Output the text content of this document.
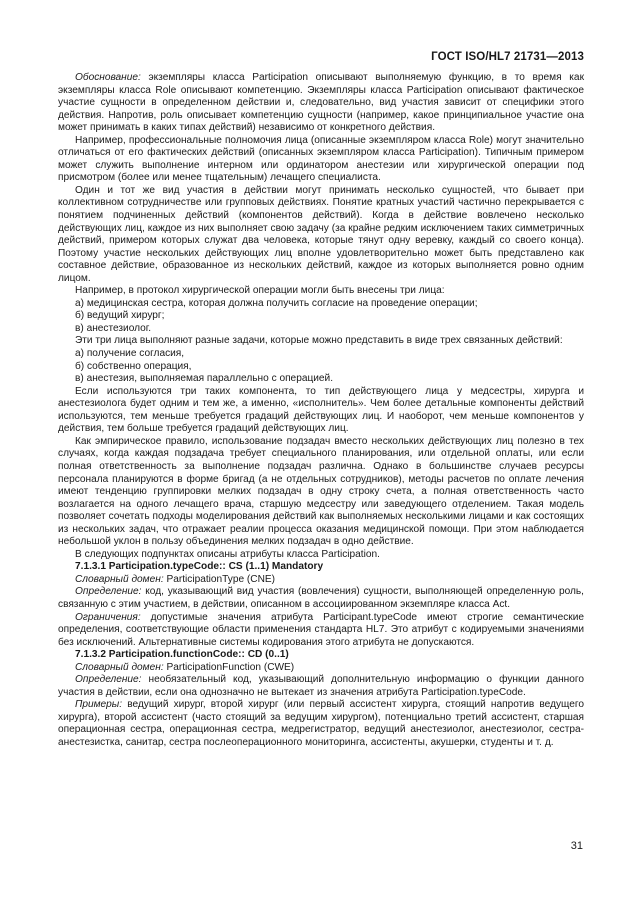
ГОСТ ISO/HL7 21731—2013

Обоснование: экземпляры класса Participation описывают выполняемую функцию, в то время как экземпляры класса Role описывают компетенцию. Экземпляры класса Participation описывают фактическое участие сущности в определенном действии и, следовательно, вид участия зависит от специфики этого действия. Напротив, роль описывает компетенцию сущности (например, какое принципиальное участие она может принимать в каких типах действий) независимо от конкретного действия.

Например, профессиональные полномочия лица (описанные экземпляром класса Role) могут значительно отличаться от его фактических действий (описанных экземпляром класса Participation). Типичным примером может служить выполнение интерном или ординатором анестезии или хирургической операции под присмотром (более или менее тщательным) лечащего специалиста.

Один и тот же вид участия в действии могут принимать несколько сущностей, что бывает при коллективном сотрудничестве или групповых действиях. Понятие кратных участий частично перекрывается с понятием подчиненных действий (компонентов действий). Когда в действие вовлечено несколько действующих лиц, каждое из них выполняет свою задачу (за крайне редким исключением таких симметричных действий, примером которых служат два человека, которые тянут одну веревку, каждый со своего конца). Поэтому участие нескольких действующих лиц вполне удовлетворительно может быть представлено как составное действие, образованное из нескольких действий, каждое из которых выполняется ровно одним лицом.

Например, в протокол хирургической операции могли быть внесены три лица:

а) медицинская сестра, которая должна получить согласие на проведение операции;

б) ведущий хирург;

в) анестезиолог.

Эти три лица выполняют разные задачи, которые можно представить в виде трех связанных действий:

а) получение согласия,

б) собственно операция,

в) анестезия, выполняемая параллельно с операцией.

Если используются три таких компонента, то тип действующего лица у медсестры, хирурга и анестезиолога будет одним и тем же, а именно, «исполнитель». Чем более детальные компоненты действий используются, тем меньше требуется градаций действующих лиц. И наоборот, чем меньше компонентов у действия, тем больше требуется градаций действующих лиц.

Как эмпирическое правило, использование подзадач вместо нескольких действующих лиц полезно в тех случаях, когда каждая подзадача требует специального планирования, или отдельной оплаты, или если полная ответственность за выполнение подзадач различна. Однако в большинстве случаев ресурсы персонала планируются в форме бригад (а не отдельных сотрудников), методы расчетов по оплате лечения имеют тенденцию группировки мелких подзадач в одну строку счета, а полная ответственность часто возлагается на одного лечащего врача, старшую медсестру или заведующего отделением. Такая модель позволяет сочетать подходы моделирования действий как выполняемых несколькими лицами и как состоящих из нескольких задач, что отражает реалии процесса оказания медицинской помощи. При этом наблюдается небольшой уклон в пользу объединения мелких подзадач в одно действие.

В следующих подпунктах описаны атрибуты класса Participation.

7.1.3.1 Participation.typeCode:: CS (1..1) Mandatory

Словарный домен: ParticipationType (CNE)

Определение: код, указывающий вид участия (вовлечения) сущности, выполняющей определенную роль, связанную с этим участием, в действии, описанном в ассоциированном экземпляре класса Act.

Ограничения: допустимые значения атрибута Participant.typeCode имеют строгие семантические определения, соответствующие области применения стандарта HL7. Это атрибут с кодируемыми значениями без исключений. Альтернативные системы кодирования этого атрибута не допускаются.

7.1.3.2 Participation.functionCode:: CD (0..1)

Словарный домен: ParticipationFunction (CWE)

Определение: необязательный код, указывающий дополнительную информацию о функции данного участия в действии, если она однозначно не вытекает из значения атрибута Participation.typeCode.

Примеры: ведущий хирург, второй хирург (или первый ассистент хирурга, стоящий напротив ведущего хирурга), второй ассистент (часто стоящий за ведущим хирургом), потенциально третий ассистент, старшая операционная сестра, операционная сестра, медрегистратор, ведущий анестезиолог, анестезиолог, сестра-анестезистка, санитар, сестра послеоперационного мониторинга, ассистенты, акушерки, студенты и т. д.

31
